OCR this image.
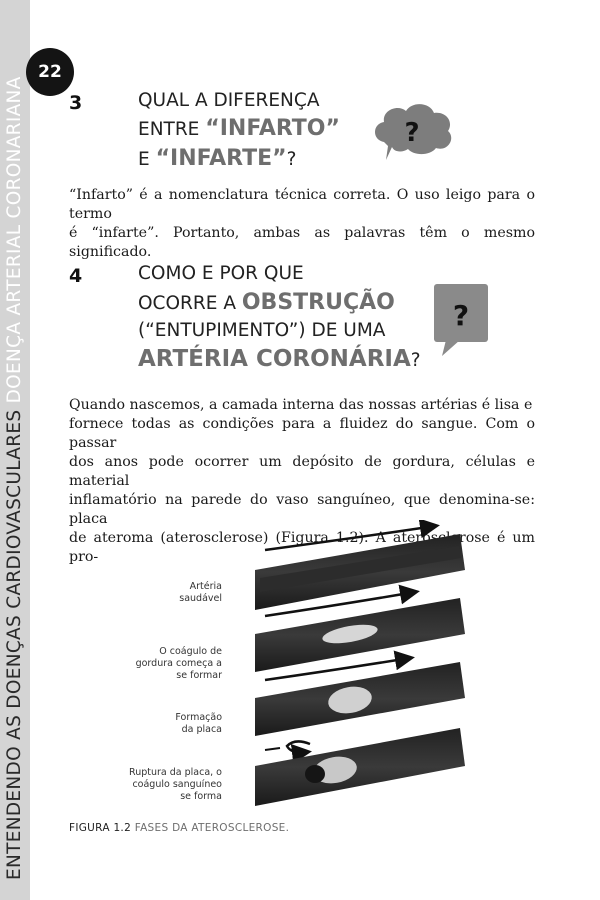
ENTENDENDO AS DOENÇAS CARDIOVASCULARES DOENÇA ARTERIAL CORONARIANA
22
3	QUAL A DIFERENÇA
ENTRE “INFARTO”
E “INFARTE”?
?

“Infarto” é a nomenclatura técnica correta. O uso leigo para o termo
é “infarte”. Portanto, ambas as palavras têm o mesmo significado.

4	COMO E POR QUE
OCORRE A OBSTRUÇÃO
(“ENTUPIMENTO”) DE UMA
ARTÉRIA CORONÁRIA?
?

Quando nascemos, a camada interna das nossas artérias é lisa e
fornece todas as condições para a fluidez do sangue. Com o passar
dos anos pode ocorrer um depósito de gordura, células e material
inflamatório na parede do vaso sanguíneo, que denomina-se: placa
de ateroma (aterosclerose) (Figura 1.2). A aterosclerose é um pro-

Artéria
saudável
O coágulo de
gordura começa a
se formar
Formação
da placa
Ruptura da placa, o
coágulo sanguíneo
se forma
FIGURA 1.2 FASES DA ATEROSCLEROSE.
